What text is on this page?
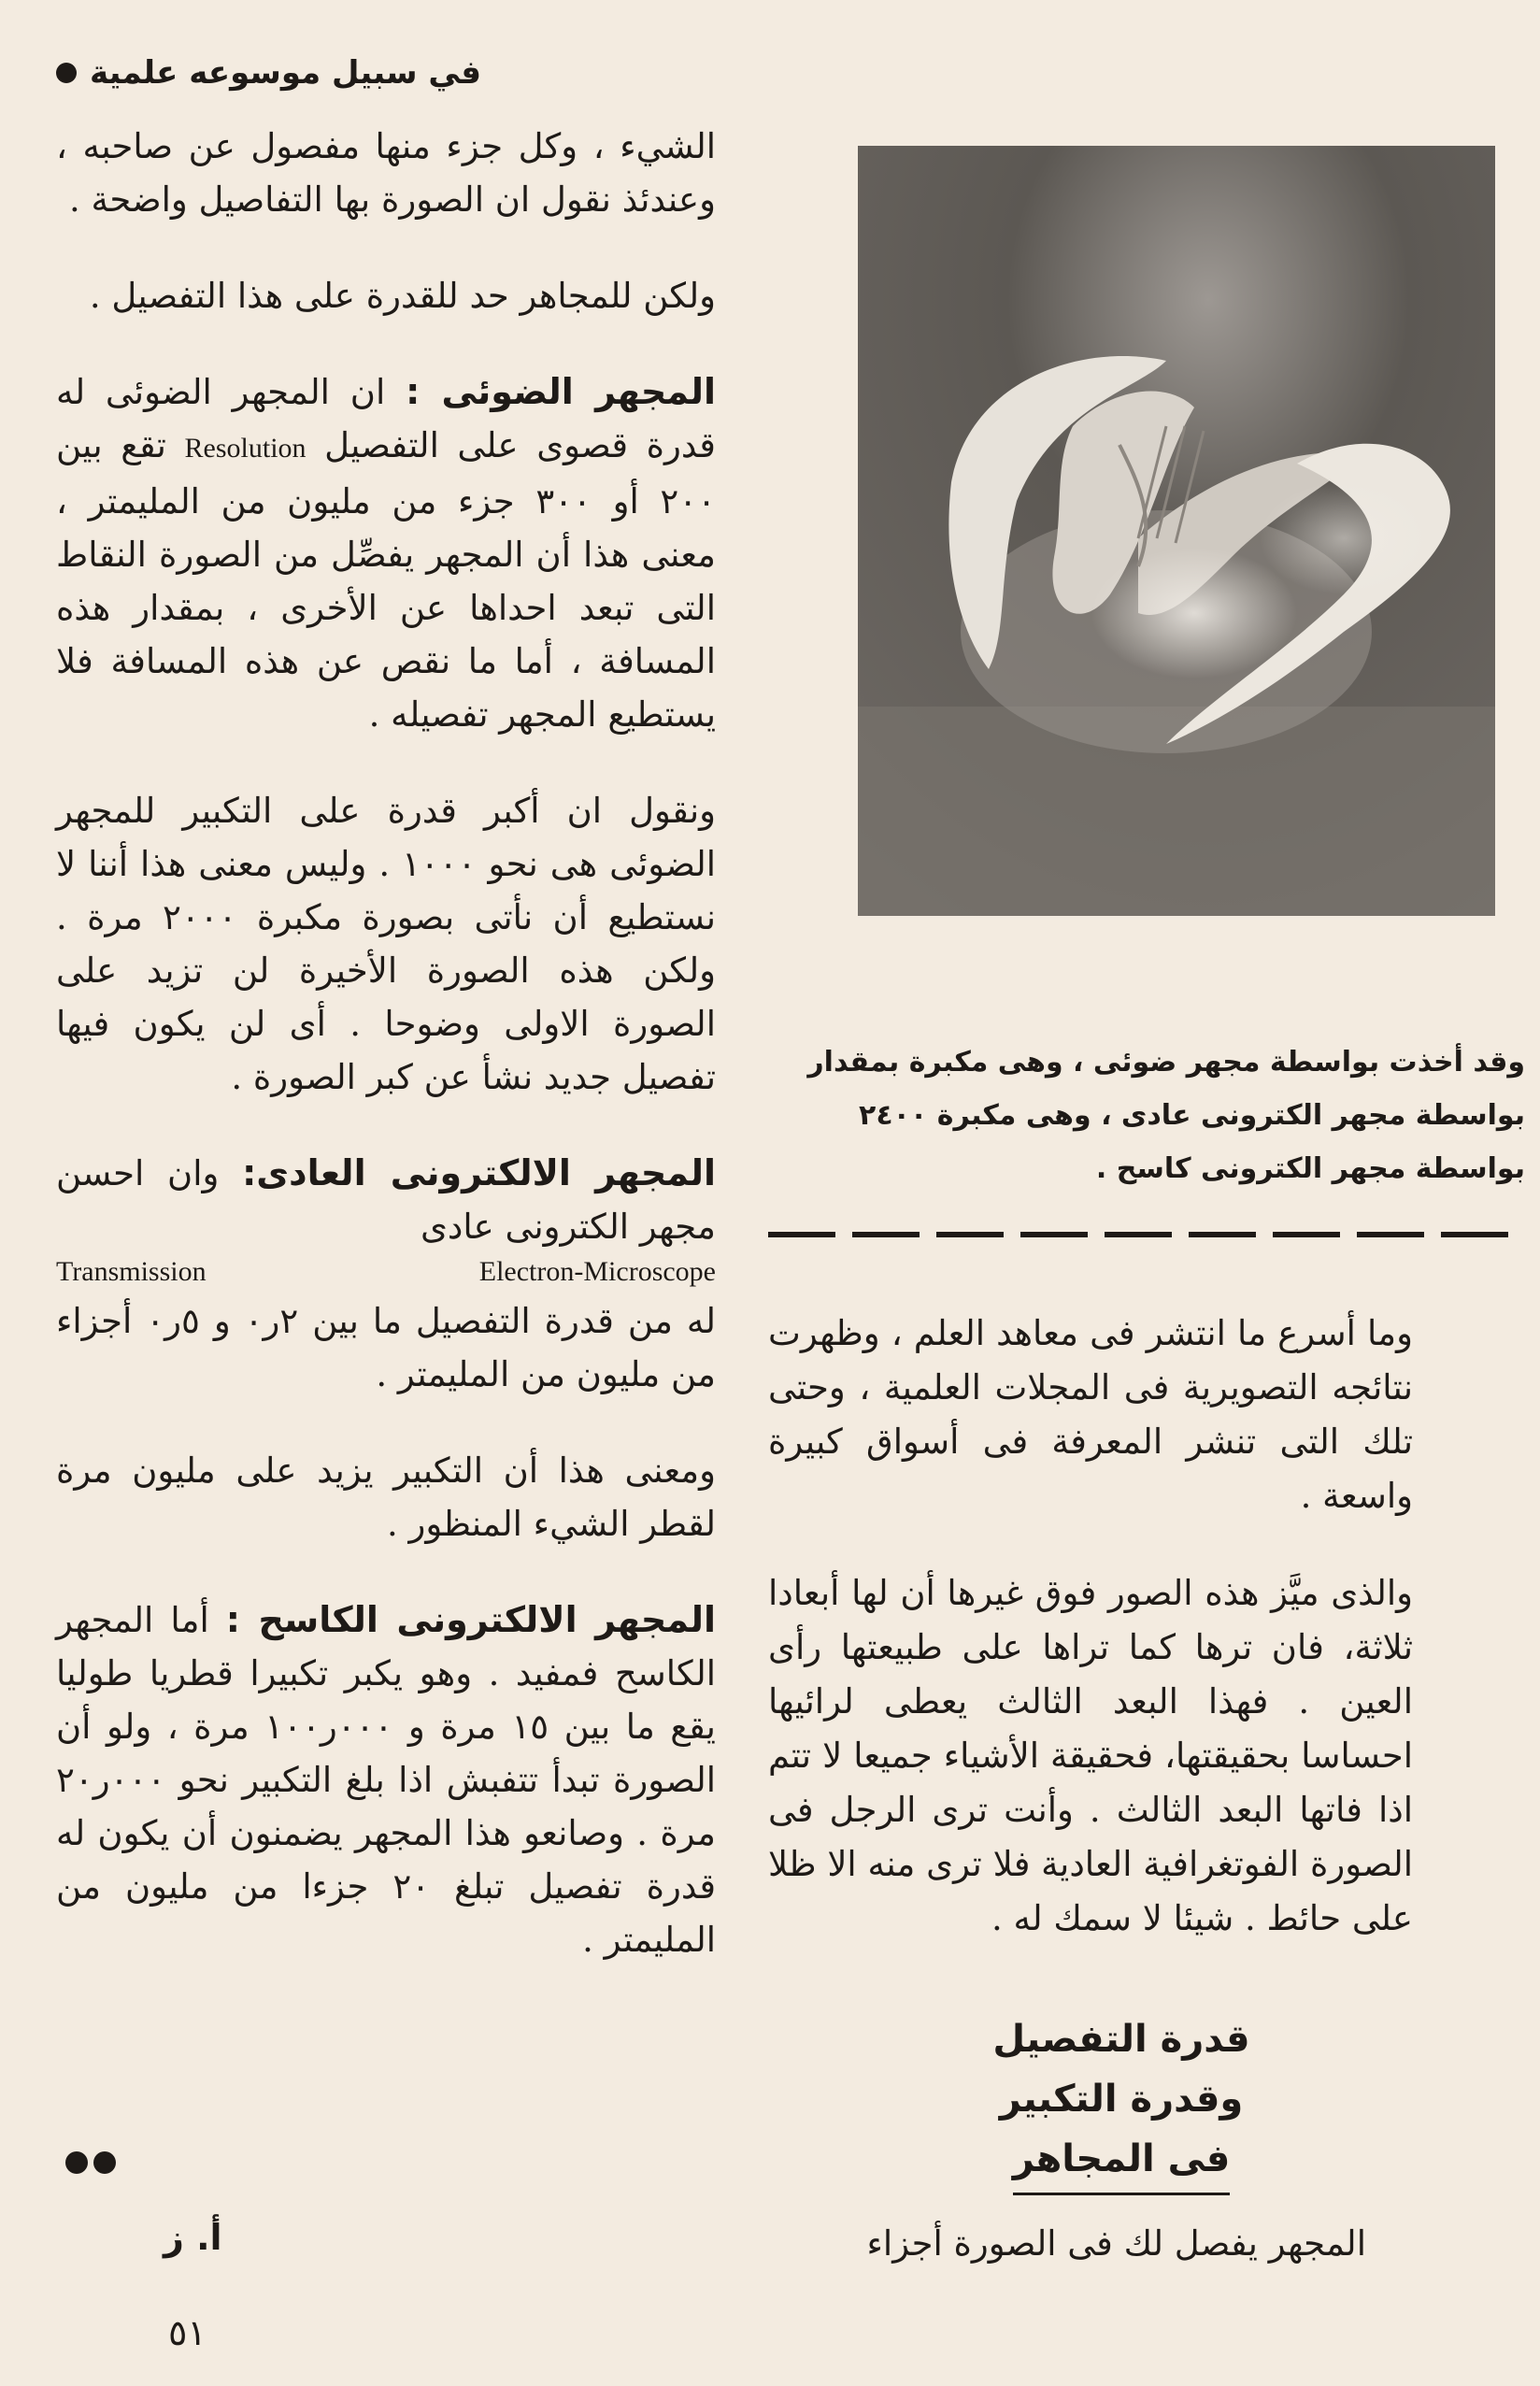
في سبيل موسوعه علمية

الشيء ، وكل جزء منها مفصول عن صاحبه ، وعندئذ نقول ان الصورة بها التفاصيل واضحة .

ولكن للمجاهر حد للقدرة على هذا التفصيل .

المجهر الضوئى : ان المجهر الضوئى له قدرة قصوى على التفصيل Resolution تقع بين ٢٠٠ أو ٣٠٠ جزء من مليون من المليمتر ، معنى هذا أن المجهر يفصِّل من الصورة النقاط التى تبعد احداها عن الأخرى ، بمقدار هذه المسافة ، أما ما نقص عن هذه المسافة فلا يستطيع المجهر تفصيله .

ونقول ان أكبر قدرة على التكبير للمجهر الضوئى هى نحو ١٠٠٠ . وليس معنى هذا أننا لا نستطيع أن نأتى بصورة مكبرة ٢٠٠٠ مرة . ولكن هذه الصورة الأخيرة لن تزيد على الصورة الاولى وضوحا . أى لن يكون فيها تفصيل جديد نشأ عن كبر الصورة .

المجهر الالكترونى العادى: وان احسن مجهر الكترونى عادى
Transmission	Electron-Microscope
له من قدرة التفصيل ما بين ٢ر٠ و ٥ر٠ أجزاء من مليون من المليمتر .

ومعنى هذا أن التكبير يزيد على مليون مرة لقطر الشيء المنظور .

المجهر الالكترونى الكاسح : أما المجهر الكاسح فمفيد . وهو يكبر تكبيرا قطريا طوليا يقع ما بين ١٥ مرة و ٠٠٠ر١٠٠ مرة ، ولو أن الصورة تبدأ تتفبش اذا بلغ التكبير نحو ٠٠٠ر٢٠ مرة . وصانعو هذا المجهر يضمنون أن يكون له قدرة تفصيل تبلغ ٢٠ جزءا من مليون من المليمتر .

وقد أخذت بواسطة مجهر ضوئى ، وهى مكبرة بمقدار

بواسطة مجهر الكترونى عادى ، وهى مكبرة ٢٤٠٠

بواسطة مجهر الكترونى كاسح .

وما أسرع ما انتشر فى معاهد العلم ، وظهرت نتائجه التصويرية فى المجلات العلمية ، وحتى تلك التى تنشر المعرفة فى أسواق كبيرة واسعة .

والذى ميَّز هذه الصور فوق غيرها أن لها أبعادا ثلاثة، فان ترها كما تراها على طبيعتها رأى العين . فهذا البعد الثالث يعطى لرائيها احساسا بحقيقتها، فحقيقة الأشياء جميعا لا تتم اذا فاتها البعد الثالث . وأنت ترى الرجل فى الصورة الفوتغرافية العادية فلا ترى منه الا ظلا على حائط . شيئا لا سمك له .

قدرة التفصيل
وقدرة التكبير
فى المجاهر
المجهر يفصل لك فى الصورة أجزاء
أ. ز
٥١
